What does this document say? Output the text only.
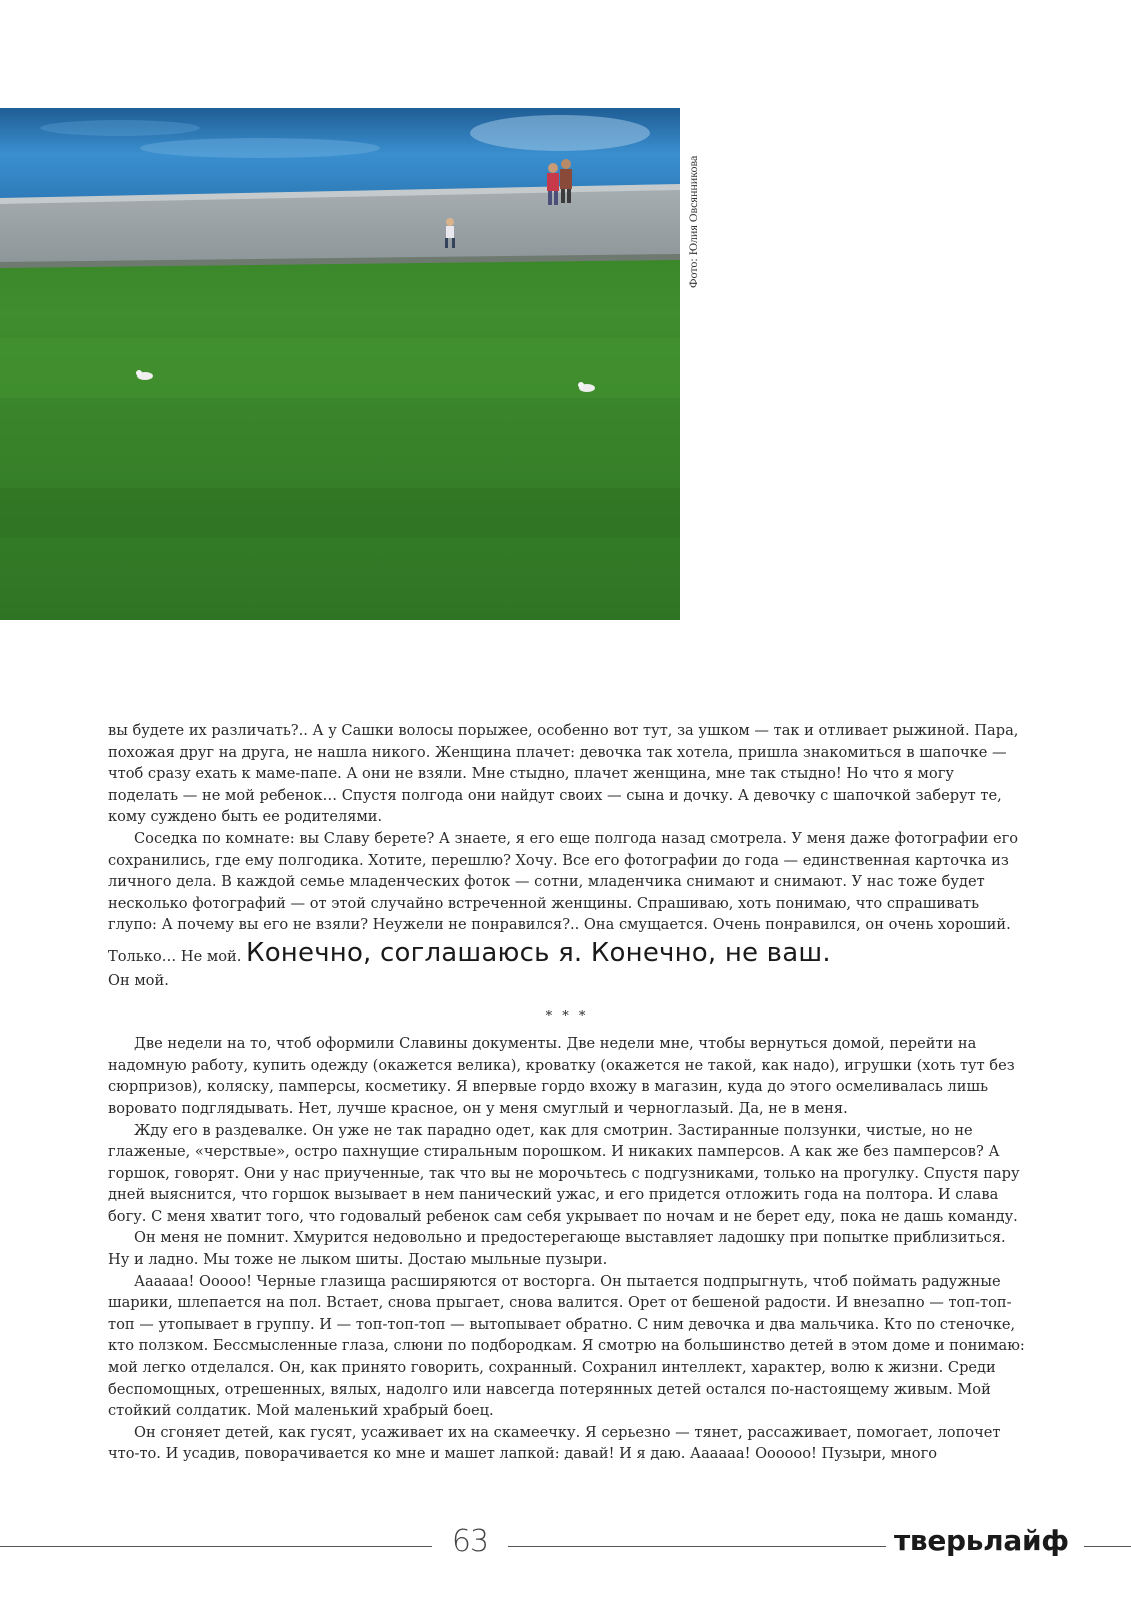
Фото: Юлия Овсянникова

вы будете их различать?.. А у Сашки волосы порыжее, особенно вот тут, за ушком — так и отливает рыжиной. Пара, похожая друг на друга, не нашла никого. Женщина плачет: девочка так хотела, пришла знакомиться в шапочке — чтоб сразу ехать к маме-папе. А они не взяли. Мне стыдно, плачет женщина, мне так стыдно! Но что я могу поделать — не мой ребенок… Спустя полгода они найдут своих — сына и дочку. А девочку с шапочкой заберут те, кому суждено быть ее родителями.

Соседка по комнате: вы Славу берете? А знаете, я его еще полгода назад смотрела. У меня даже фотографии его сохранились, где ему полгодика. Хотите, перешлю? Хочу. Все его фотографии до года — единственная карточка из личного дела. В каждой семье младенческих фоток — сотни, младенчика снимают и снимают. У нас тоже будет несколько фотографий — от этой случайно встреченной женщины. Спрашиваю, хоть понимаю, что спрашивать глупо: А почему вы его не взяли? Неужели не понравился?.. Она смущается. Очень понравился, он очень хороший. Только… Не мой. Конечно, соглашаюсь я. Конечно, не ваш.
Он мой.

* * *

Две недели на то, чтоб оформили Славины документы. Две недели мне, чтобы вернуться домой, перейти на надомную работу, купить одежду (окажется велика), кроватку (окажется не такой, как надо), игрушки (хоть тут без сюрпризов), коляску, памперсы, косметику. Я впервые гордо вхожу в магазин, куда до этого осмеливалась лишь воровато подглядывать. Нет, лучше красное, он у меня смуглый и черноглазый. Да, не в меня.

Жду его в раздевалке. Он уже не так парадно одет, как для смотрин. Застиранные ползунки, чистые, но не глаженые, «черствые», остро пахнущие стиральным порошком. И никаких памперсов. А как же без памперсов? А горшок, говорят. Они у нас приученные, так что вы не морочьтесь с подгузниками, только на прогулку. Спустя пару дней выяснится, что горшок вызывает в нем панический ужас, и его придется отложить года на полтора. И слава богу. С меня хватит того, что годовалый ребенок сам себя укрывает по ночам и не берет еду, пока не дашь команду.

Он меня не помнит. Хмурится недовольно и предостерегающе выставляет ладошку при попытке приблизиться. Ну и ладно. Мы тоже не лыком шиты. Достаю мыльные пузыри.

Аааааа! Ооооо! Черные глазища расширяются от восторга. Он пытается подпрыгнуть, чтоб поймать радужные шарики, шлепается на пол. Встает, снова прыгает, снова валится. Орет от бешеной радости. И внезапно — топ-топ-топ — утопывает в группу. И — топ-топ-топ — вытопывает обратно. С ним девочка и два мальчика. Кто по стеночке, кто ползком. Бессмысленные глаза, слюни по подбородкам. Я смотрю на большинство детей в этом доме и понимаю: мой легко отделался. Он, как принято говорить, сохранный. Сохранил интеллект, характер, волю к жизни. Среди беспомощных, отрешенных, вялых, надолго или навсегда потерянных детей остался по-настоящему живым. Мой стойкий солдатик. Мой маленький храбрый боец.

Он сгоняет детей, как гусят, усаживает их на скамеечку. Я серьезно — тянет, рассаживает, помогает, лопочет что-то. И усадив, поворачивается ко мне и машет лапкой: давай! И я даю. Аааааа! Оооооо! Пузыри, много

63	тверьлайф
